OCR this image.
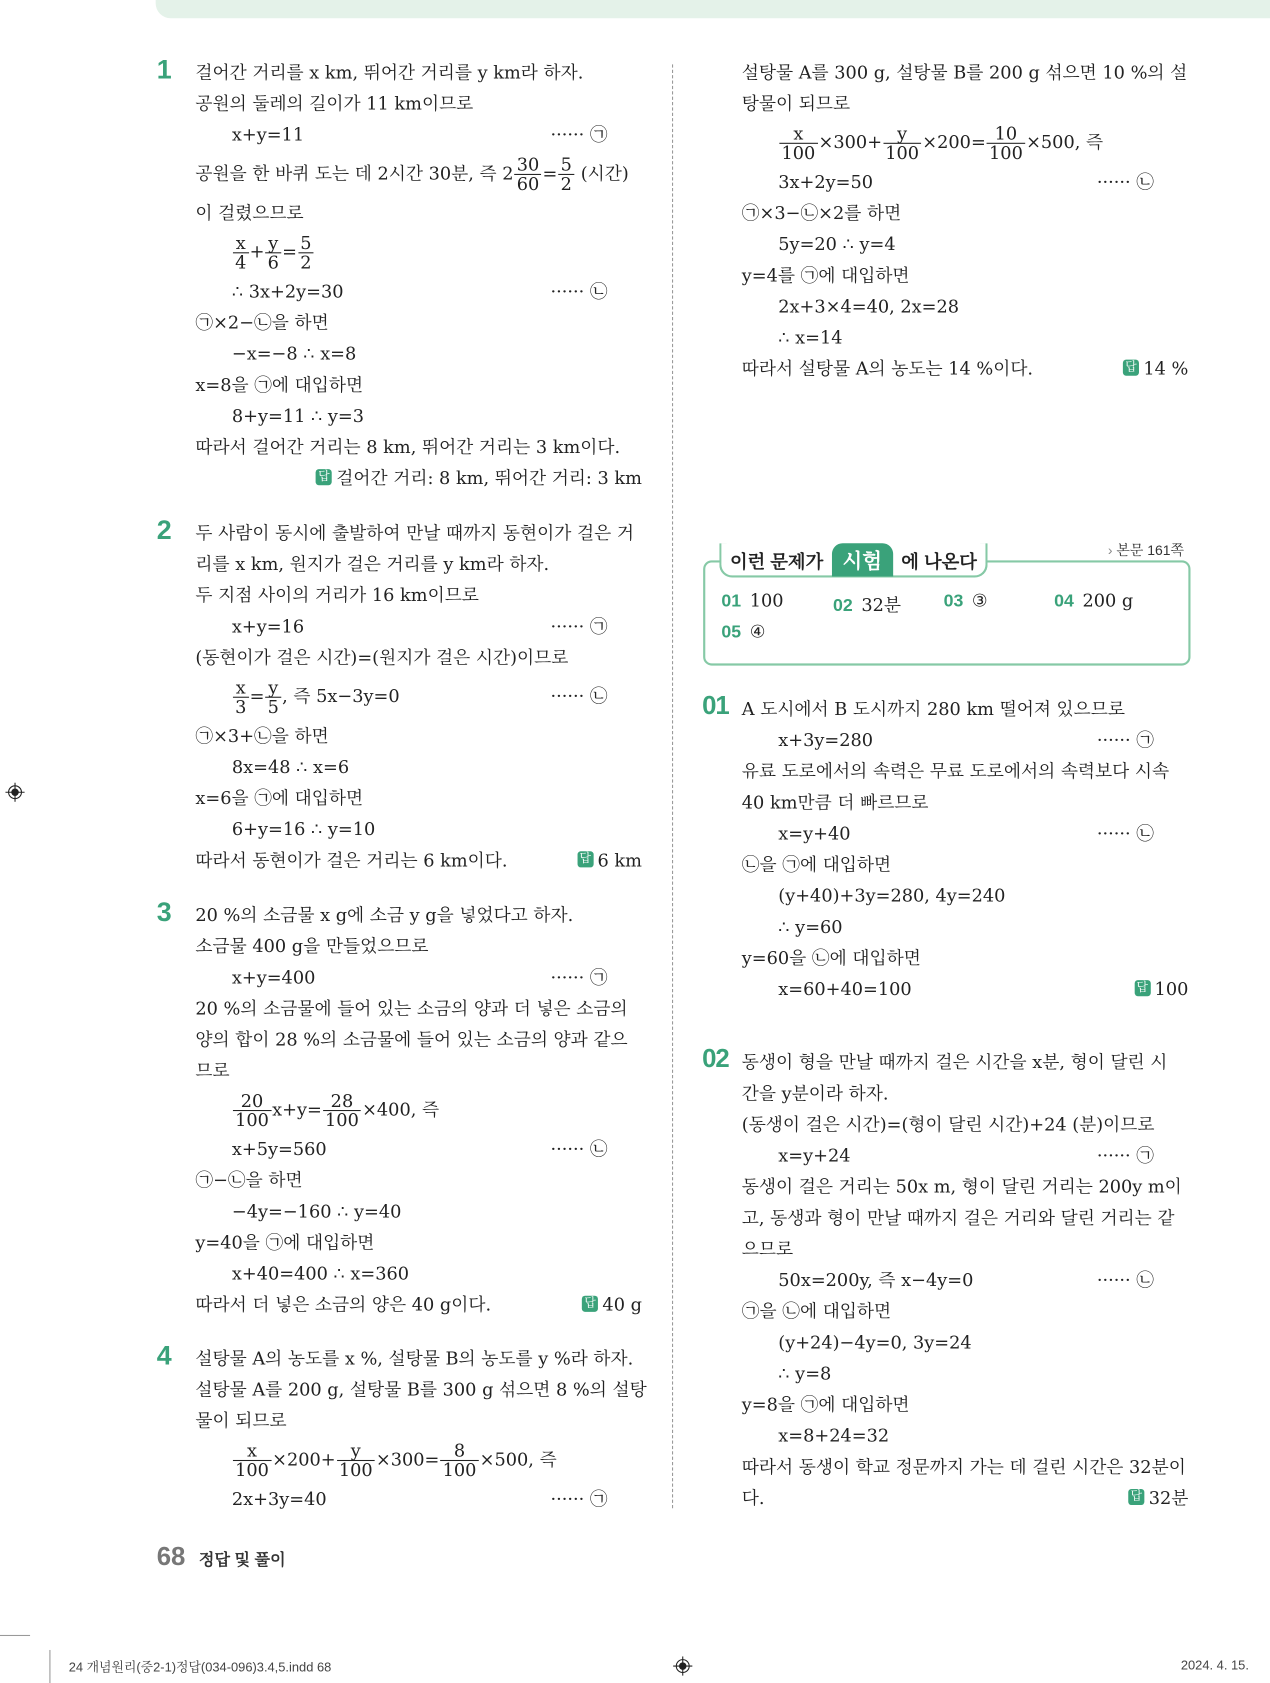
1 걸어간 거리를 x km, 뛰어간 거리를 y km라 하자.
공원의 둘레의 길이가 11 km이므로
x+y=11	······ ㉠
공원을 한 바퀴 도는 데 2시간 30분, 즉 $2 \frac{30}{60} = \frac{5}{2}$ (시간)
이 걸렸으므로
$\frac{x}{4} + \frac{y}{6} = \frac{5}{2}$
∴ 3x+2y=30	······ ㉡
㉠×2−㉡을 하면
−x=−8 ∴ x=8
x=8을 ㉠에 대입하면
8+y=11 ∴ y=3
따라서 걸어간 거리는 8 km, 뛰어간 거리는 3 km이다.
답 걸어간 거리: 8 km, 뛰어간 거리: 3 km
2 두 사람이 동시에 출발하여 만날 때까지 동현이가 걸은 거
리를 x km, 원지가 걸은 거리를 y km라 하자.
두 지점 사이의 거리가 16 km이므로
x+y=16	······ ㉠
(동현이가 걸은 시간)=(원지가 걸은 시간)이므로
$\frac{x}{3} = \frac{y}{5}$ , 즉 5x−3y=0	······ ㉡
㉠×3+㉡을 하면
8x=48 ∴ x=6
x=6을 ㉠에 대입하면
6+y=16 ∴ y=10
따라서 동현이가 걸은 거리는 6 km이다.	답 6 km
3 20 %의 소금물 x g에 소금 y g을 넣었다고 하자.
소금물 400 g을 만들었으므로
x+y=400	······ ㉠
20 %의 소금물에 들어 있는 소금의 양과 더 넣은 소금의
양의 합이 28 %의 소금물에 들어 있는 소금의 양과 같으
므로
$\frac{20}{100} x+y= \frac{28}{100} \times 400$, 즉
x+5y=560	······ ㉡
㉠−㉡을 하면
−4y=−160 ∴ y=40
y=40을 ㉠에 대입하면
x+40=400 ∴ x=360
따라서 더 넣은 소금의 양은 40 g이다.	답 40 g
4 설탕물 A의 농도를 x %, 설탕물 B의 농도를 y %라 하자.
설탕물 A를 200 g, 설탕물 B를 300 g 섞으면 8 %의 설탕
물이 되므로
$\frac{x}{100} \times 200+ \frac{y}{100} \times 300= \frac{8}{100} \times 500$, 즉
2x+3y=40	······ ㉠
설탕물 A를 300 g, 설탕물 B를 200 g 섞으면 10 %의 설
탕물이 되므로
$\frac{x}{100} \times 300+ \frac{y}{100} \times 200= \frac{10}{100} \times 500$, 즉
3x+2y=50	······ ㉡
㉠×3−㉡×2를 하면
5y=20 ∴ y=4
y=4를 ㉠에 대입하면
2x+3×4=40, 2x=28
∴ x=14
따라서 설탕물 A의 농도는 14 %이다.	답 14 %
이런 문제가	시험	에 나온다
› 본문 161쪽
01 100	02 32분	03 ③	04 200 g
05 ④
01 A 도시에서 B 도시까지 280 km 떨어져 있으므로
x+3y=280	······ ㉠
유료 도로에서의 속력은 무료 도로에서의 속력보다 시속
40 km만큼 더 빠르므로
x=y+40	······ ㉡
㉡을 ㉠에 대입하면
(y+40)+3y=280, 4y=240
∴ y=60
y=60을 ㉡에 대입하면
x=60+40=100	답 100
02 동생이 형을 만날 때까지 걸은 시간을 x분, 형이 달린 시
간을 y분이라 하자.
(동생이 걸은 시간)=(형이 달린 시간)+24 (분)이므로
x=y+24	······ ㉠
동생이 걸은 거리는 50x m, 형이 달린 거리는 200y m이
고, 동생과 형이 만날 때까지 걸은 거리와 달린 거리는 같
으므로
50x=200y, 즉 x−4y=0	······ ㉡
㉠을 ㉡에 대입하면
(y+24)−4y=0, 3y=24
∴ y=8
y=8을 ㉠에 대입하면
x=8+24=32
따라서 동생이 학교 정문까지 가는 데 걸린 시간은 32분이
다.	답 32분
68 정답 및 풀이
24 개념원리(중2-1)정답(034-096)3.4,5.indd 68	2024. 4. 15.
